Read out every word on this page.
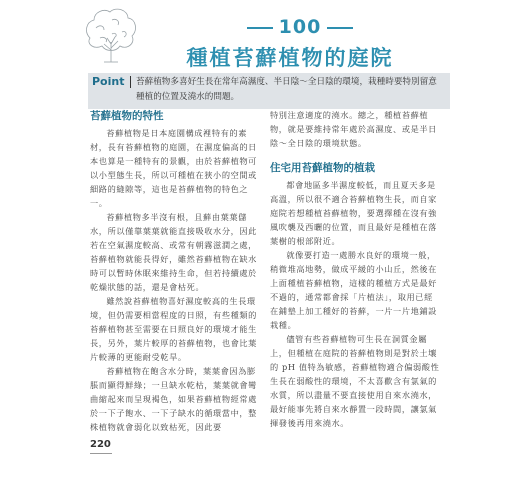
100
種植苔蘚植物的庭院
Point 苔蘚植物多喜好生長在常年高濕度、半日陰～全日陰的環境，栽種時要特別留意種植的位置及澆水的問題。
苔蘚植物的特性

苔蘚植物是日本庭園構成裡特有的素材，長有苔蘚植物的庭園，在濕度偏高的日本也算是一種特有的景觀，由於苔蘚植物可以小型態生長，所以可種植在狹小的空間或細路的縫隙等，這也是苔蘚植物的特色之一。

苔蘚植物多半沒有根，且蘚由葉葉儲水，所以僅靠葉葉就能直接吸收水分，因此若在空氣濕度較高、或常有朝霧滋潤之處，苔蘚植物就能長得好，雖然苔蘚植物在缺水時可以暫時休眠來維持生命，但若持續處於乾燥狀態的話，還是會枯死。

雖然說苔蘚植物喜好濕度較高的生長環境，但仍需要相當程度的日照，有些種類的苔蘚植物甚至需要在日照良好的環境才能生長，另外，葉片較厚的苔蘚植物，也會比葉片較薄的更能耐受乾旱。

苔蘚植物在飽含水分時，葉葉會因為膨脹而顯得鮮綠；一旦缺水乾枯，葉葉就會彎曲縮起來而呈現褐色，如果苔蘚植物經常處於一下子飽水、一下子缺水的循環當中，整株植物就會弱化以致枯死，因此要

特別注意適度的澆水。總之，種植苔蘚植物，就是要維持常年處於高濕度、或是半日陰～全日陰的環境狀態。

住宅用苔蘚植物的植栽

都會地區多半濕度較低，而且夏天多是高溫，所以很不適合苔蘚植物生長，而自家庭院若想種植苔蘚植物，要選擇種在沒有強風吹襲及西曬的位置，而且最好是種植在落葉樹的根部附近。

就像要打造一處勝水良好的環境一般，稍微堆高地勢，做成平緩的小山丘，然後在上面種植苔蘚植物，這樣的種植方式是最好不過的，通常都會採「片植法」，取用已經在鋪墊上加工種好的苔蘚，一片一片地鋪設栽種。

儘管有些苔蘚植物可生長在洞質金屬上，但種植在庭院的苔蘚植物則是對於土壤的 pH 值特為敏感，苔蘚植物適合偏弱酸性生長在弱酸性的環境，不太喜歡含有氯氣的水質，所以盡量不要直接使用自來水澆水，最好能事先將自來水靜置一段時間，讓氯氣揮發後再用來澆水。

220
